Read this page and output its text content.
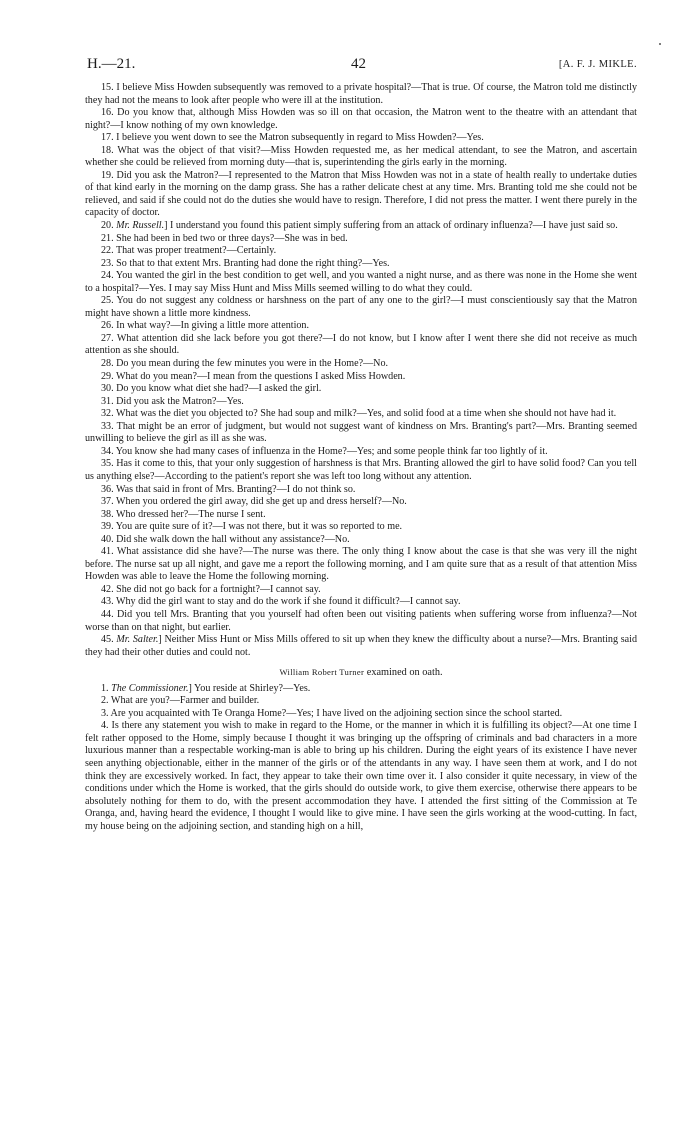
H.—21.	42	[A. F. J. MIKLE.

15. I believe Miss Howden subsequently was removed to a private hospital?—That is true. Of course, the Matron told me distinctly they had not the means to look after people who were ill at the institution.

16. Do you know that, although Miss Howden was so ill on that occasion, the Matron went to the theatre with an attendant that night?—I know nothing of my own knowledge.

17. I believe you went down to see the Matron subsequently in regard to Miss Howden?—Yes.

18. What was the object of that visit?—Miss Howden requested me, as her medical attendant, to see the Matron, and ascertain whether she could be relieved from morning duty—that is, superintending the girls early in the morning.

19. Did you ask the Matron?—I represented to the Matron that Miss Howden was not in a state of health really to undertake duties of that kind early in the morning on the damp grass. She has a rather delicate chest at any time. Mrs. Branting told me she could not be relieved, and said if she could not do the duties she would have to resign. Therefore, I did not press the matter. I went there purely in the capacity of doctor.

20. Mr. Russell.] I understand you found this patient simply suffering from an attack of ordinary influenza?—I have just said so.

21. She had been in bed two or three days?—She was in bed.

22. That was proper treatment?—Certainly.

23. So that to that extent Mrs. Branting had done the right thing?—Yes.

24. You wanted the girl in the best condition to get well, and you wanted a night nurse, and as there was none in the Home she went to a hospital?—Yes. I may say Miss Hunt and Miss Mills seemed willing to do what they could.

25. You do not suggest any coldness or harshness on the part of any one to the girl?—I must conscientiously say that the Matron might have shown a little more kindness.

26. In what way?—In giving a little more attention.

27. What attention did she lack before you got there?—I do not know, but I know after I went there she did not receive as much attention as she should.

28. Do you mean during the few minutes you were in the Home?—No.

29. What do you mean?—I mean from the questions I asked Miss Howden.

30. Do you know what diet she had?—I asked the girl.

31. Did you ask the Matron?—Yes.

32. What was the diet you objected to? She had soup and milk?—Yes, and solid food at a time when she should not have had it.

33. That might be an error of judgment, but would not suggest want of kindness on Mrs. Branting's part?—Mrs. Branting seemed unwilling to believe the girl as ill as she was.

34. You know she had many cases of influenza in the Home?—Yes; and some people think far too lightly of it.

35. Has it come to this, that your only suggestion of harshness is that Mrs. Branting allowed the girl to have solid food? Can you tell us anything else?—According to the patient's report she was left too long without any attention.

36. Was that said in front of Mrs. Branting?—I do not think so.

37. When you ordered the girl away, did she get up and dress herself?—No.

38. Who dressed her?—The nurse I sent.

39. You are quite sure of it?—I was not there, but it was so reported to me.

40. Did she walk down the hall without any assistance?—No.

41. What assistance did she have?—The nurse was there. The only thing I know about the case is that she was very ill the night before. The nurse sat up all night, and gave me a report the following morning, and I am quite sure that as a result of that attention Miss Howden was able to leave the Home the following morning.

42. She did not go back for a fortnight?—I cannot say.

43. Why did the girl want to stay and do the work if she found it difficult?—I cannot say.

44. Did you tell Mrs. Branting that you yourself had often been out visiting patients when suffering worse from influenza?—Not worse than on that night, but earlier.

45. Mr. Salter.] Neither Miss Hunt or Miss Mills offered to sit up when they knew the difficulty about a nurse?—Mrs. Branting said they had their other duties and could not.

William Robert Turner examined on oath.

1. The Commissioner.] You reside at Shirley?—Yes.

2. What are you?—Farmer and builder.

3. Are you acquainted with Te Oranga Home?—Yes; I have lived on the adjoining section since the school started.

4. Is there any statement you wish to make in regard to the Home, or the manner in which it is fulfilling its object?—At one time I felt rather opposed to the Home, simply because I thought it was bringing up the offspring of criminals and bad characters in a more luxurious manner than a respectable working-man is able to bring up his children. During the eight years of its existence I have never seen anything objectionable, either in the manner of the girls or of the attendants in any way. I have seen them at work, and I do not think they are excessively worked. In fact, they appear to take their own time over it. I also consider it quite necessary, in view of the conditions under which the Home is worked, that the girls should do outside work, to give them exercise, otherwise there appears to be absolutely nothing for them to do, with the present accommodation they have. I attended the first sitting of the Commission at Te Oranga, and, having heard the evidence, I thought I would like to give mine. I have seen the girls working at the wood-cutting. In fact, my house being on the adjoining section, and standing high on a hill,
